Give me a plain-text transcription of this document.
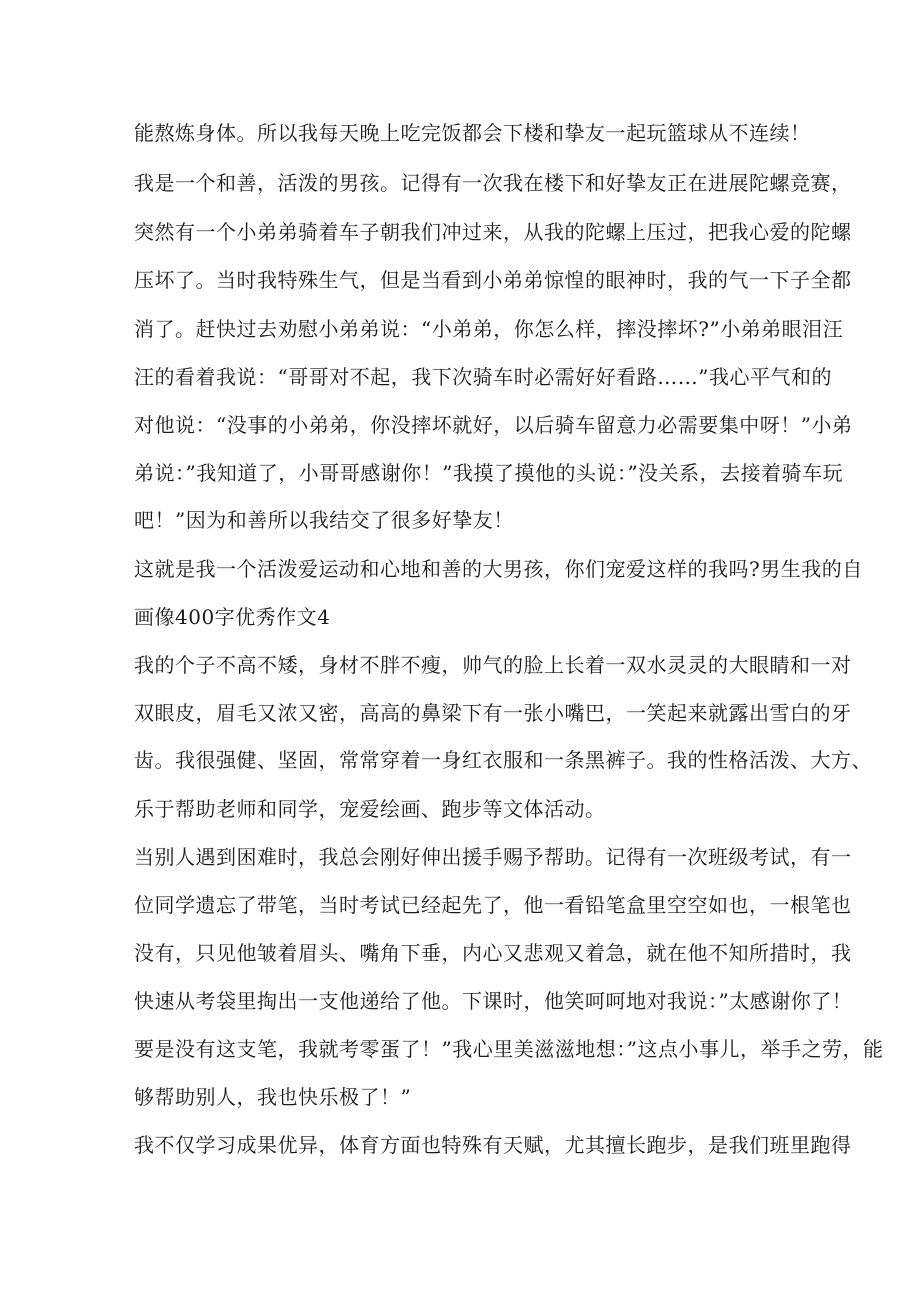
能熬炼身体。所以我每天晚上吃完饭都会下楼和挚友一起玩篮球从不连续！
我是一个和善，活泼的男孩。记得有一次我在楼下和好挚友正在进展陀螺竞赛，
突然有一个小弟弟骑着车子朝我们冲过来，从我的陀螺上压过，把我心爱的陀螺
压坏了。当时我特殊生气，但是当看到小弟弟惊惶的眼神时，我的气一下子全都
消了。赶快过去劝慰小弟弟说：“小弟弟，你怎么样，摔没摔坏?”小弟弟眼泪汪
汪的看着我说：“哥哥对不起，我下次骑车时必需好好看路……”我心平气和的
对他说：“没事的小弟弟，你没摔坏就好，以后骑车留意力必需要集中呀！”小弟
弟说：”我知道了，小哥哥感谢你！”我摸了摸他的头说：”没关系，去接着骑车玩
吧！”因为和善所以我结交了很多好挚友！
这就是我一个活泼爱运动和心地和善的大男孩，你们宠爱这样的我吗?男生我的自
画像400字优秀作文4
我的个子不高不矮，身材不胖不瘦，帅气的脸上长着一双水灵灵的大眼睛和一对
双眼皮，眉毛又浓又密，高高的鼻梁下有一张小嘴巴，一笑起来就露出雪白的牙
齿。我很强健、坚固，常常穿着一身红衣服和一条黑裤子。我的性格活泼、大方、
乐于帮助老师和同学，宠爱绘画、跑步等文体活动。
当别人遇到困难时，我总会刚好伸出援手赐予帮助。记得有一次班级考试，有一
位同学遗忘了带笔，当时考试已经起先了，他一看铅笔盒里空空如也，一根笔也
没有，只见他皱着眉头、嘴角下垂，内心又悲观又着急，就在他不知所措时，我
快速从考袋里掏出一支他递给了他。下课时，他笑呵呵地对我说：”太感谢你了！
要是没有这支笔，我就考零蛋了！”我心里美滋滋地想：”这点小事儿，举手之劳，能
够帮助别人，我也快乐极了！”
我不仅学习成果优异，体育方面也特殊有天赋，尤其擅长跑步，是我们班里跑得
